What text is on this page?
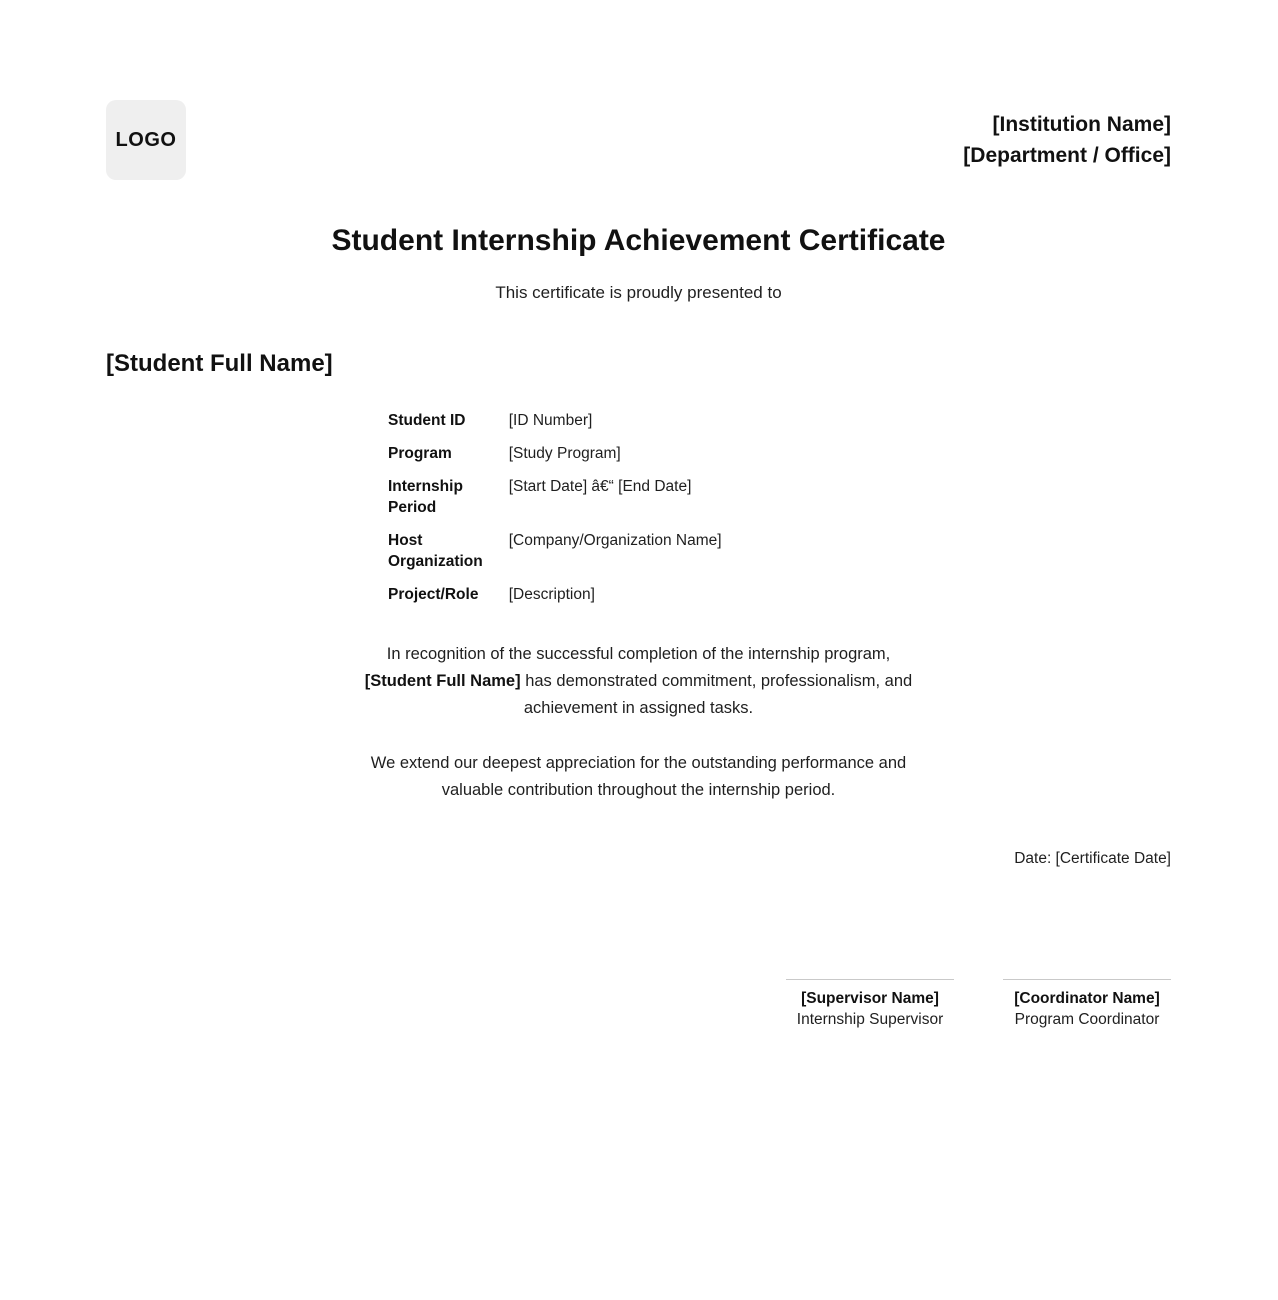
LOGO
[Institution Name]
[Department / Office]
Student Internship Achievement Certificate
This certificate is proudly presented to
[Student Full Name]
Student ID	[ID Number]
Program	[Study Program]
Internship Period	[Start Date] â€“ [End Date]
Host Organization	[Company/Organization Name]
Project/Role	[Description]
In recognition of the successful completion of the internship program, [Student Full Name] has demonstrated commitment, professionalism, and achievement in assigned tasks.
We extend our deepest appreciation for the outstanding performance and valuable contribution throughout the internship period.
Date: [Certificate Date]
[Supervisor Name]
Internship Supervisor
[Coordinator Name]
Program Coordinator
